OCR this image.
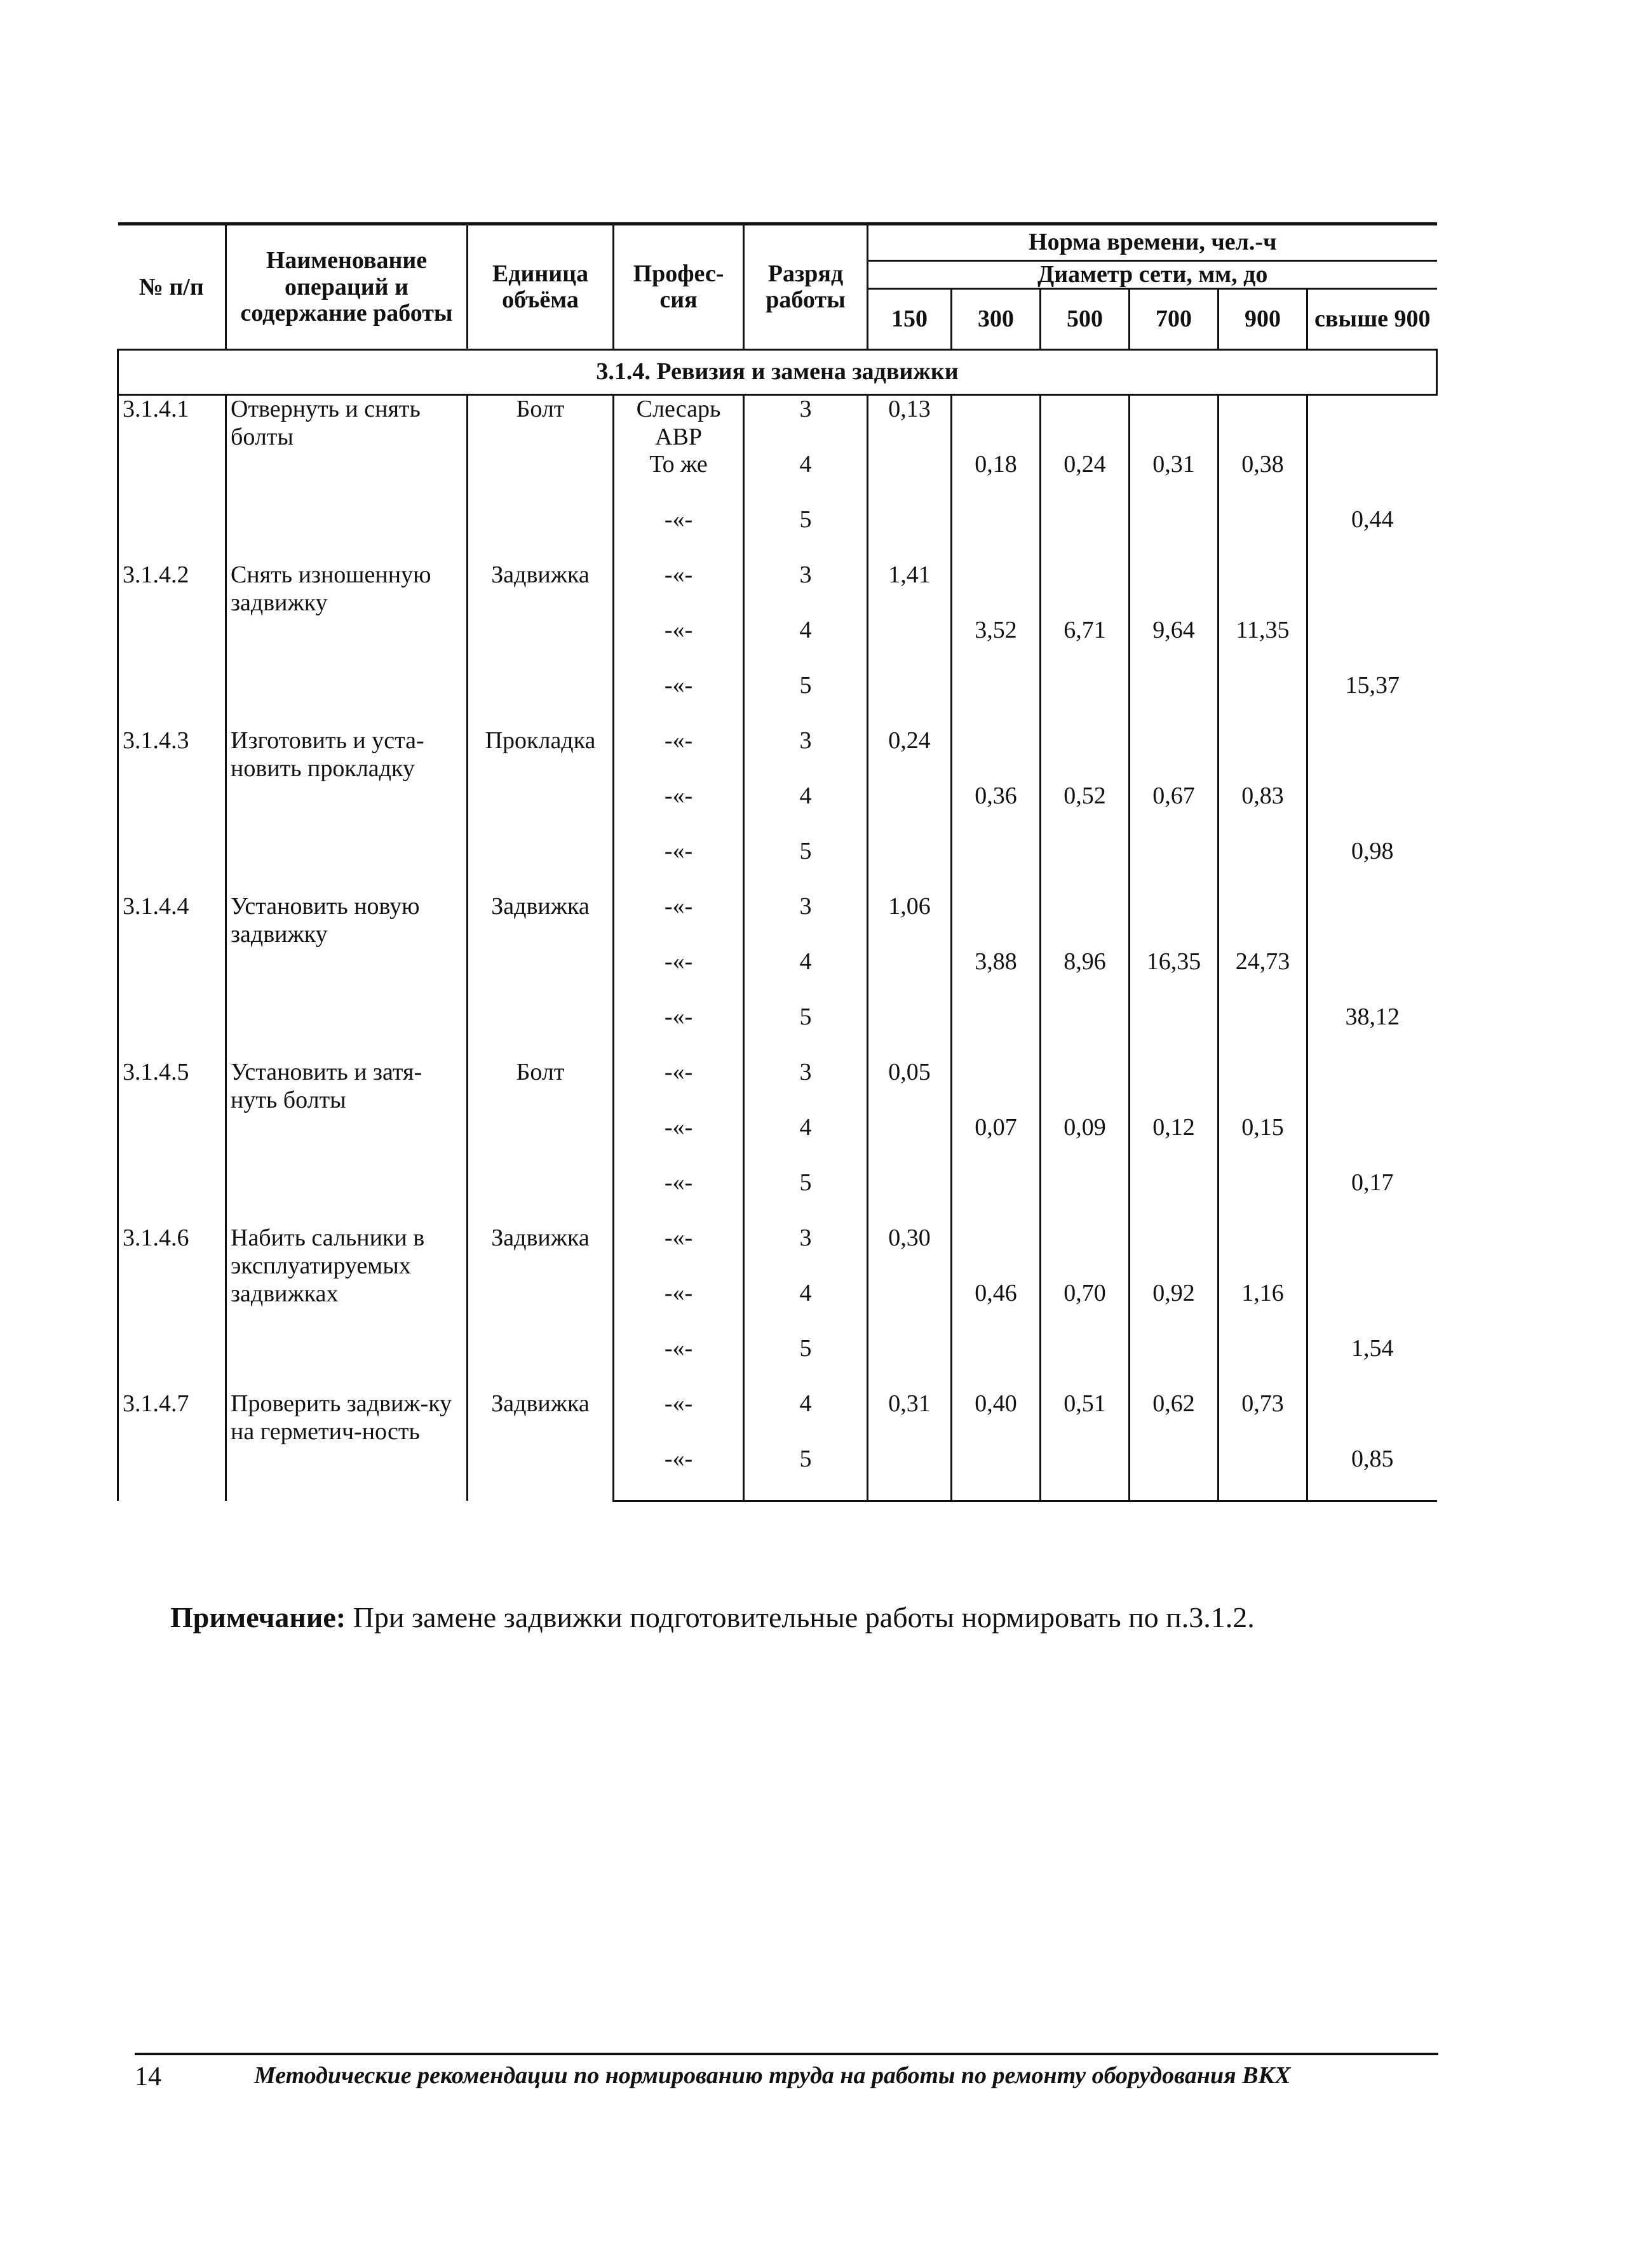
№ п/п	Наименование операций и содержание работы	Единица объёма	Профес-сия	Разряд работы	Норма времени, чел.-ч					
					Диаметр сети, мм, до					
					150	300	500	700	900	свыше 900
3.1.4. Ревизия и замена задвижки										
3.1.4.1	Отвернуть и снять болты	Болт	Слесарь АВР	3	0,13					
			То же	4		0,18	0,24	0,31	0,38	
			-«-	5						0,44
3.1.4.2	Снять изношенную задвижку	Задвижка	-«-	3	1,41					
			-«-	4		3,52	6,71	9,64	11,35	
			-«-	5						15,37
3.1.4.3	Изготовить и уста-новить прокладку	Прокладка	-«-	3	0,24					
			-«-	4		0,36	0,52	0,67	0,83	
			-«-	5						0,98
3.1.4.4	Установить новую задвижку	Задвижка	-«-	3	1,06					
			-«-	4		3,88	8,96	16,35	24,73	
			-«-	5						38,12
3.1.4.5	Установить и затя-нуть болты	Болт	-«-	3	0,05					
			-«-	4		0,07	0,09	0,12	0,15	
			-«-	5						0,17
3.1.4.6	Набить сальники в эксплуатируемых задвижках	Задвижка	-«-	3	0,30					
			-«-	4		0,46	0,70	0,92	1,16	
			-«-	5						1,54
3.1.4.7	Проверить задвиж-ку на герметич-ность	Задвижка	-«-	4	0,31	0,40	0,51	0,62	0,73	
			-«-	5						0,85
Примечание: При замене задвижки подготовительные работы нормировать по п.3.1.2.
14	Методические рекомендации по нормированию труда на работы по ремонту оборудования ВКХ
